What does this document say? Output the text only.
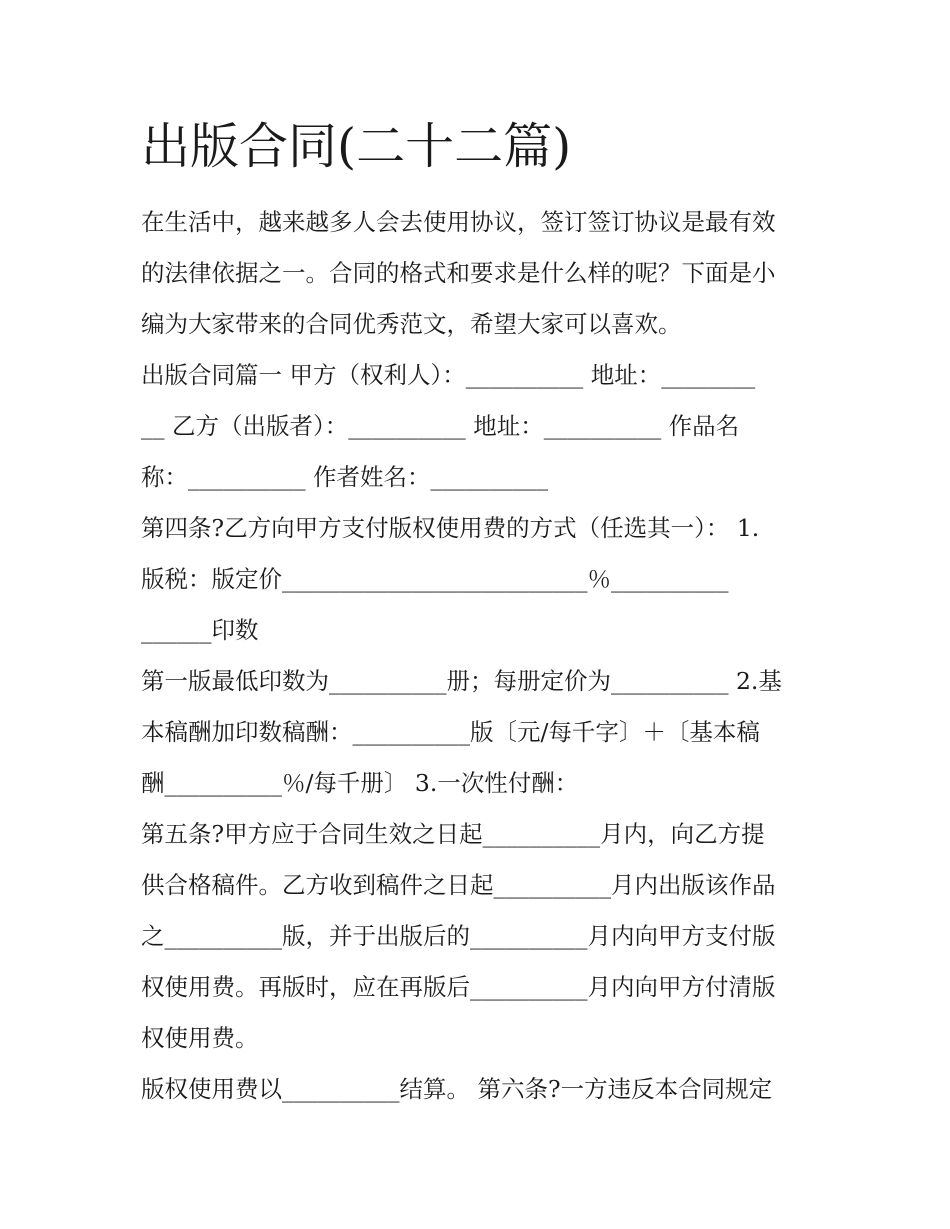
出版合同(二十二篇)
在生活中，越来越多人会去使用协议，签订签订协议是最有效
的法律依据之一。合同的格式和要求是什么样的呢？下面是小
编为大家带来的合同优秀范文，希望大家可以喜欢。
出版合同篇一 甲方（权利人）：__________ 地址：________
__ 乙方（出版者）：__________ 地址：__________ 作品名
称：__________ 作者姓名：__________
第四条?乙方向甲方支付版权使用费的方式（任选其一）： 1.
版税：版定价__________________________％__________
______印数
第一版最低印数为__________册；每册定价为__________ 2.基
本稿酬加印数稿酬：__________版〔元/每千字〕＋〔基本稿
酬__________％/每千册〕 3.一次性付酬：
第五条?甲方应于合同生效之日起__________月内，向乙方提
供合格稿件。乙方收到稿件之日起__________月内出版该作品
之__________版，并于出版后的__________月内向甲方支付版
权使用费。再版时，应在再版后__________月内向甲方付清版
权使用费。
版权使用费以__________结算。 第六条?一方违反本合同规定
